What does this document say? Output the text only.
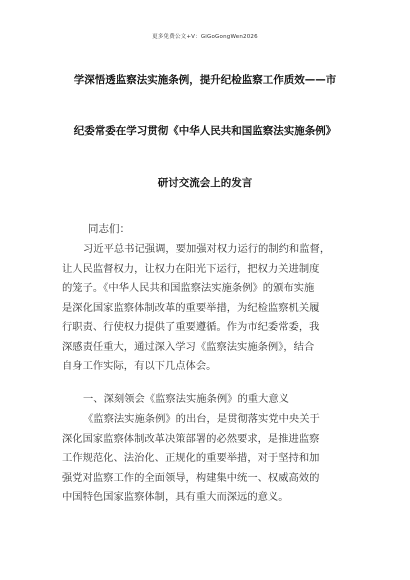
更多免费公文+V：GiGoGongWen2026
学深悟透监察法实施条例，提升纪检监察工作质效——市
纪委常委在学习贯彻《中华人民共和国监察法实施条例》
研讨交流会上的发言
同志们：
习近平总书记强调，要加强对权力运行的制约和监督，
让人民监督权力，让权力在阳光下运行，把权力关进制度
的笼子。《中华人民共和国监察法实施条例》的颁布实施
是深化国家监察体制改革的重要举措，为纪检监察机关履
行职责、行使权力提供了重要遵循。作为市纪委常委，我
深感责任重大，通过深入学习《监察法实施条例》，结合
自身工作实际，有以下几点体会。
一、深刻领会《监察法实施条例》的重大意义
《监察法实施条例》的出台，是贯彻落实党中央关于
深化国家监察体制改革决策部署的必然要求，是推进监察
工作规范化、法治化、正规化的重要举措，对于坚持和加
强党对监察工作的全面领导，构建集中统一、权威高效的
中国特色国家监察体制，具有重大而深远的意义。
